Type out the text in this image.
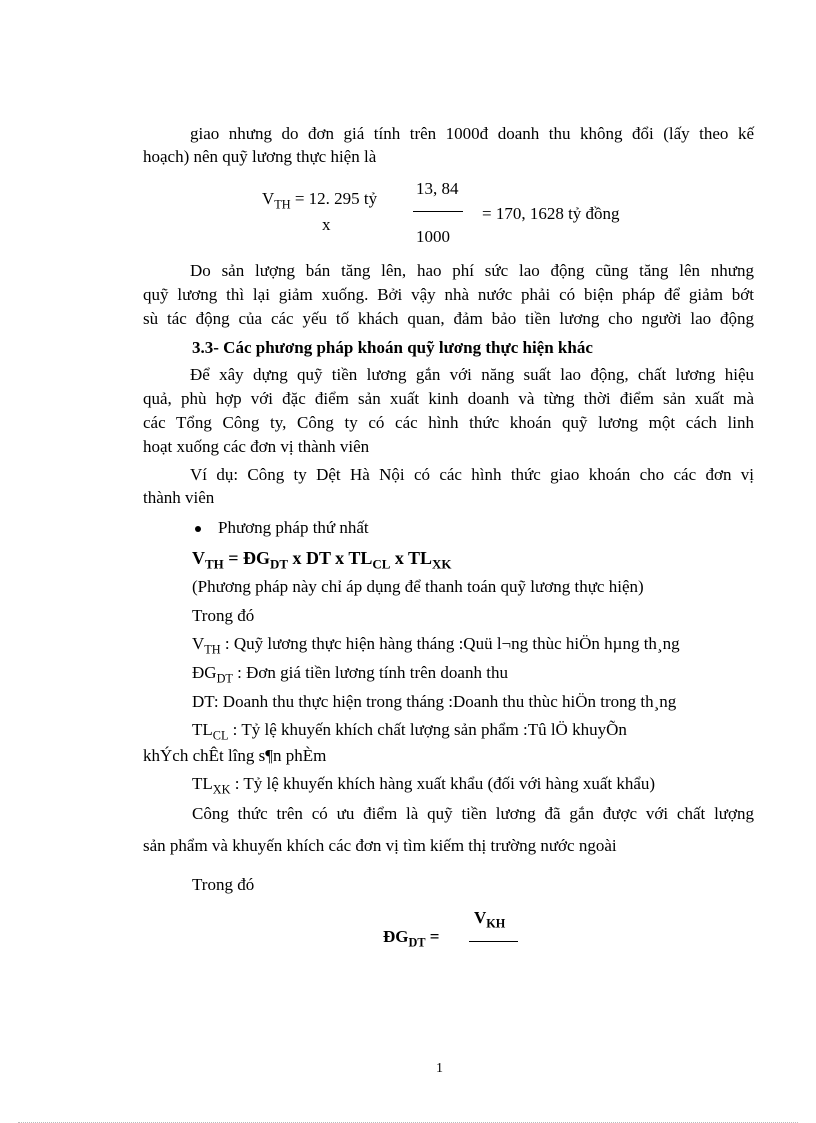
giao nhưng do đơn giá tính trên 1000đ doanh thu không đổi (lấy theo kế
hoạch) nên quỹ lương thực hiện là
$V_{TH} = 12$. 295 tỷ
x
13, 84
1000
= 170, 1628 tỷ đồng
Do sản lượng bán tăng lên, hao phí sức lao động cũng tăng lên nhưng
quỹ lương thì lại giảm xuống. Bởi vậy nhà nước phải có biện pháp để giảm bớt
sù tác động của các yếu tố khách quan, đảm bảo tiền lương cho người lao động
3.3- Các phương pháp khoán quỹ lương thực hiện khác
Để xây dựng quỹ tiền lương gắn với năng suất lao động, chất lương hiệu
quả, phù hợp với đặc điểm sản xuất kinh doanh và từng thời điểm sản xuất mà
các Tổng Công ty, Công ty có các hình thức khoán quỹ lương một cách linh
hoạt xuống các đơn vị thành viên
Ví dụ: Công ty Dệt Hà Nội có các hình thức giao khoán cho các đơn vị
thành viên
Phương pháp thứ nhất
$V_{TH}$ = $ĐG_{DT}$ x DT x $TL_{CL}$ x $TL_{XK}$
(Phương pháp này chỉ áp dụng để thanh toán quỹ lương thực hiện)
Trong đó
$V_{TH}$ : Quỹ lương thực hiện hàng tháng :Quü l¬ng thùc hiÖn hµng th¸ng
$ĐG_{DT}$ : Đơn giá tiền lương tính trên doanh thu
DT: Doanh thu thực hiện trong tháng :Doanh thu thùc hiÖn trong th¸ng
$TL_{CL}$ : Tỷ lệ khuyến khích chất lượng sản phẩm :Tû lÖ khuyÕn
khÝch chÊt lîng s¶n phÈm
$TL_{XK}$ : Tỷ lệ khuyến khích hàng xuất khẩu (đối với hàng xuất khẩu)
Công thức trên có ưu điểm là quỹ tiền lương đã gắn được với chất lượng
sản phẩm và khuyến khích các đơn vị tìm kiếm thị trường nước ngoài
Trong đó
$V_{KH}$
$ĐG_{DT}$ =
1
